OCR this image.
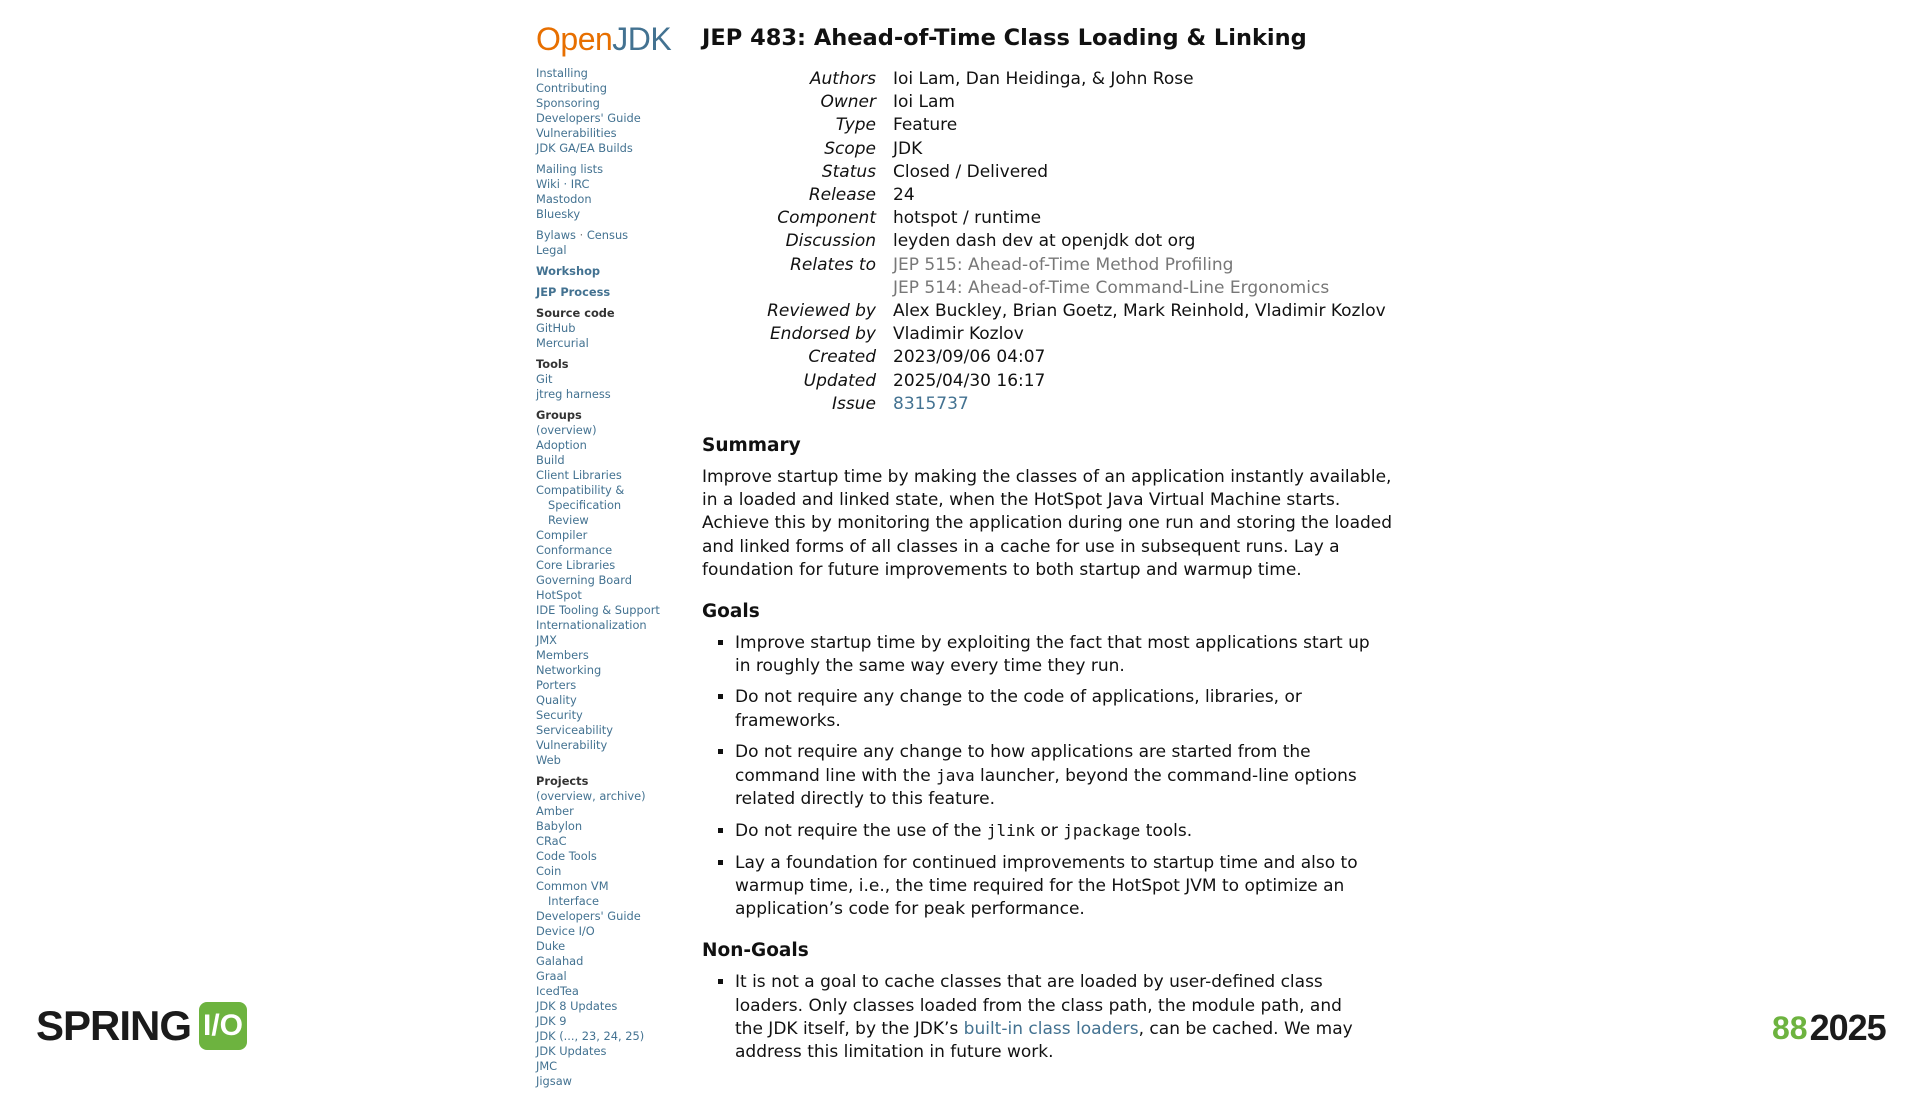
OpenJDK
Installing
Contributing
Sponsoring
Developers' Guide
Vulnerabilities
JDK GA/EA Builds
Mailing lists
Wiki · IRC
Mastodon
Bluesky
Bylaws · Census
Legal
Workshop
JEP Process
Source code
GitHub
Mercurial
Tools
Git
jtreg harness
Groups
(overview)
Adoption
Build
Client Libraries
Compatibility &
Specification
Review
Compiler
Conformance
Core Libraries
Governing Board
HotSpot
IDE Tooling & Support
Internationalization
JMX
Members
Networking
Porters
Quality
Security
Serviceability
Vulnerability
Web
Projects
(overview, archive)
Amber
Babylon
CRaC
Code Tools
Coin
Common VM
Interface
Developers' Guide
Device I/O
Duke
Galahad
Graal
IcedTea
JDK 8 Updates
JDK 9
JDK (..., 23, 24, 25)
JDK Updates
JMC
Jigsaw
JEP 483: Ahead-of-Time Class Loading & Linking
Authors	Ioi Lam, Dan Heidinga, & John Rose
Owner	Ioi Lam
Type	Feature
Scope	JDK
Status	Closed / Delivered
Release	24
Component	hotspot / runtime
Discussion	leyden dash dev at openjdk dot org
Relates to	JEP 515: Ahead-of-Time Method Profiling
JEP 514: Ahead-of-Time Command-Line Ergonomics

Reviewed by	Alex Buckley, Brian Goetz, Mark Reinhold, Vladimir Kozlov
Endorsed by	Vladimir Kozlov
Created	2023/09/06 04:07
Updated	2025/04/30 16:17
Issue	8315737
Summary

Improve startup time by making the classes of an application instantly available, in a loaded and linked state, when the HotSpot Java Virtual Machine starts. Achieve this by monitoring the application during one run and storing the loaded and linked forms of all classes in a cache for use in subsequent runs. Lay a foundation for future improvements to both startup and warmup time.

Goals
▪ Improve startup time by exploiting the fact that most applications start up in roughly the same way every time they run.
▪ Do not require any change to the code of applications, libraries, or frameworks.
▪ Do not require any change to how applications are started from the command line with the java launcher, beyond the command-line options related directly to this feature.
▪ Do not require the use of the jlink or jpackage tools.
▪ Lay a foundation for continued improvements to startup time and also to warmup time, i.e., the time required for the HotSpot JVM to optimize an application’s code for peak performance.
Non-Goals
▪ It is not a goal to cache classes that are loaded by user-defined class loaders. Only classes loaded from the class path, the module path, and the JDK itself, by the JDK’s built-in class loaders, can be cached. We may address this limitation in future work.
SPRING I/O	88 2025
